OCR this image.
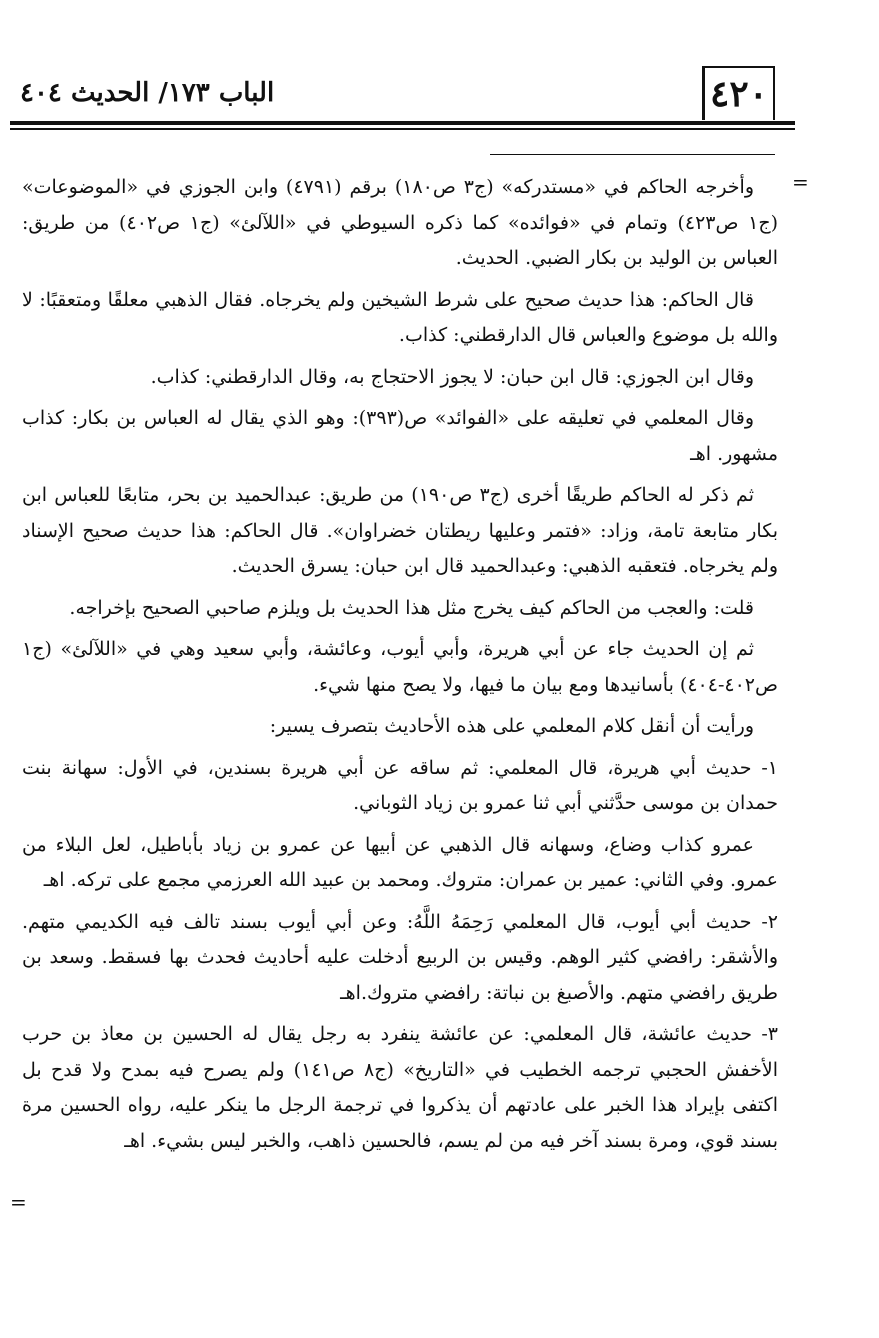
٤٢٠
الباب ١٧٣/ الحديث ٤٠٤
=
=

وأخرجه الحاكم في «مستدركه» (ج٣ ص١٨٠) برقم (٤٧٩١) وابن الجوزي في «الموضوعات» (ج١ ص٤٢٣) وتمام في «فوائده» كما ذكره السيوطي في «اللآلئ» (ج١ ص٤٠٢) من طريق: العباس بن الوليد بن بكار الضبي. الحديث.

قال الحاكم: هذا حديث صحيح على شرط الشيخين ولم يخرجاه. فقال الذهبي معلقًا ومتعقبًا: لا والله بل موضوع والعباس قال الدارقطني: كذاب.

وقال ابن الجوزي: قال ابن حبان: لا يجوز الاحتجاج به، وقال الدارقطني: كذاب.

وقال المعلمي في تعليقه على «الفوائد» ص(٣٩٣): وهو الذي يقال له العباس بن بكار: كذاب مشهور. اهـ

ثم ذكر له الحاكم طريقًا أخرى (ج٣ ص١٩٠) من طريق: عبدالحميد بن بحر، متابعًا للعباس ابن بكار متابعة تامة، وزاد: «فتمر وعليها ريطتان خضراوان». قال الحاكم: هذا حديث صحيح الإسناد ولم يخرجاه. فتعقبه الذهبي: وعبدالحميد قال ابن حبان: يسرق الحديث.

قلت: والعجب من الحاكم كيف يخرج مثل هذا الحديث بل ويلزم صاحبي الصحيح بإخراجه.

ثم إن الحديث جاء عن أبي هريرة، وأبي أيوب، وعائشة، وأبي سعيد وهي في «اللآلئ» (ج١ ص٤٠٢-٤٠٤) بأسانيدها ومع بيان ما فيها، ولا يصح منها شيء.

ورأيت أن أنقل كلام المعلمي على هذه الأحاديث بتصرف يسير:

١- حديث أبي هريرة، قال المعلمي: ثم ساقه عن أبي هريرة بسندين، في الأول: سهانة بنت حمدان بن موسى حدَّثني أبي ثنا عمرو بن زياد الثوباني.

عمرو كذاب وضاع، وسهانه قال الذهبي عن أبيها عن عمرو بن زياد بأباطيل، لعل البلاء من عمرو. وفي الثاني: عمير بن عمران: متروك. ومحمد بن عبيد الله العرزمي مجمع على تركه. اهـ

٢- حديث أبي أيوب، قال المعلمي رَحِمَهُ اللَّهُ: وعن أبي أيوب بسند تالف فيه الكديمي متهم. والأشقر: رافضي كثير الوهم. وقيس بن الربيع أدخلت عليه أحاديث فحدث بها فسقط. وسعد بن طريق رافضي متهم. والأصبغ بن نباتة: رافضي متروك.اهـ

٣- حديث عائشة، قال المعلمي: عن عائشة ينفرد به رجل يقال له الحسين بن معاذ بن حرب الأخفش الحجبي ترجمه الخطيب في «التاريخ» (ج٨ ص١٤١) ولم يصرح فيه بمدح ولا قدح بل اكتفى بإيراد هذا الخبر على عادتهم أن يذكروا في ترجمة الرجل ما ينكر عليه، رواه الحسين مرة بسند قوي، ومرة بسند آخر فيه من لم يسم، فالحسين ذاهب، والخبر ليس بشيء. اهـ
